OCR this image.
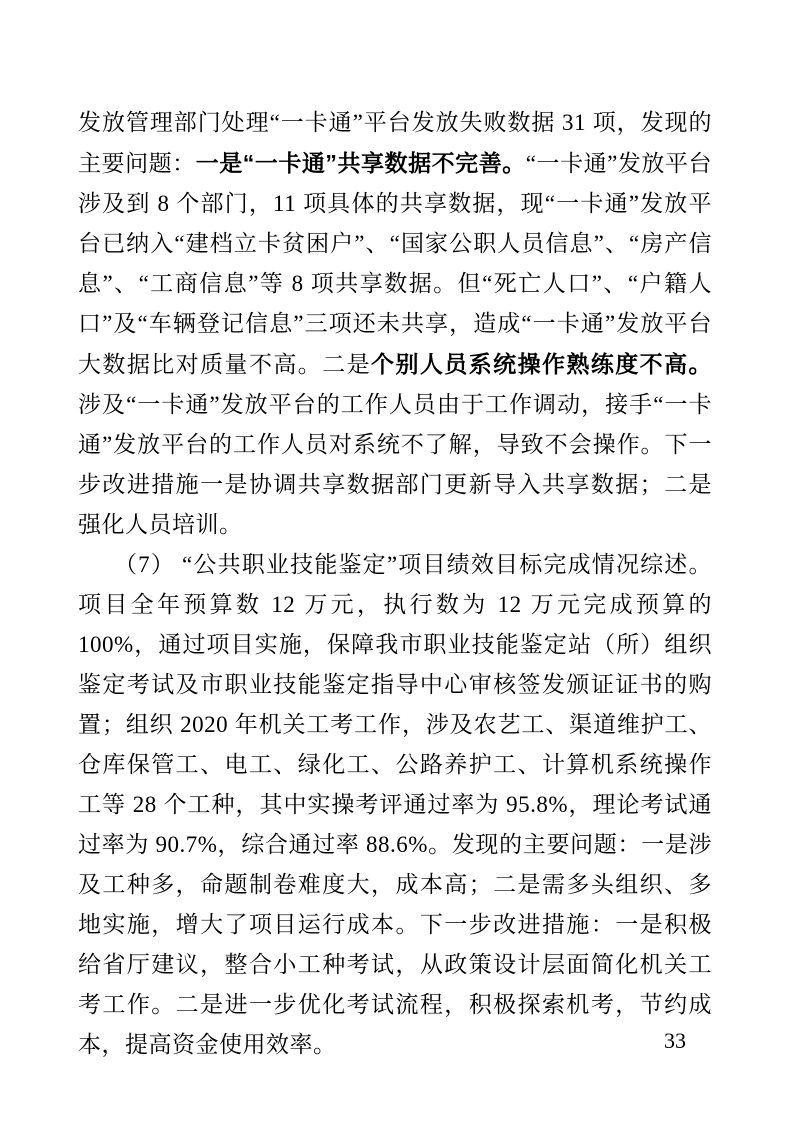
发放管理部门处理“一卡通”平台发放失败数据 31 项，发现的主要问题：一是“一卡通”共享数据不完善。“一卡通”发放平台涉及到 8 个部门，11 项具体的共享数据，现“一卡通”发放平台已纳入“建档立卡贫困户”、“国家公职人员信息”、“房产信息”、“工商信息”等 8 项共享数据。但“死亡人口”、“户籍人口”及“车辆登记信息”三项还未共享，造成“一卡通”发放平台大数据比对质量不高。二是个别人员系统操作熟练度不高。涉及“一卡通”发放平台的工作人员由于工作调动，接手“一卡通”发放平台的工作人员对系统不了解，导致不会操作。下一步改进措施一是协调共享数据部门更新导入共享数据；二是强化人员培训。

（7） “公共职业技能鉴定”项目绩效目标完成情况综述。项目全年预算数 12 万元，执行数为 12 万元完成预算的 100%，通过项目实施，保障我市职业技能鉴定站（所）组织鉴定考试及市职业技能鉴定指导中心审核签发颁证证书的购置；组织 2020 年机关工考工作，涉及农艺工、渠道维护工、仓库保管工、电工、绿化工、公路养护工、计算机系统操作工等 28 个工种，其中实操考评通过率为 95.8%，理论考试通过率为 90.7%，综合通过率 88.6%。发现的主要问题：一是涉及工种多，命题制卷难度大，成本高；二是需多头组织、多地实施，增大了项目运行成本。下一步改进措施：一是积极给省厅建议，整合小工种考试，从政策设计层面简化机关工考工作。二是进一步优化考试流程，积极探索机考，节约成本，提高资金使用效率。	33
